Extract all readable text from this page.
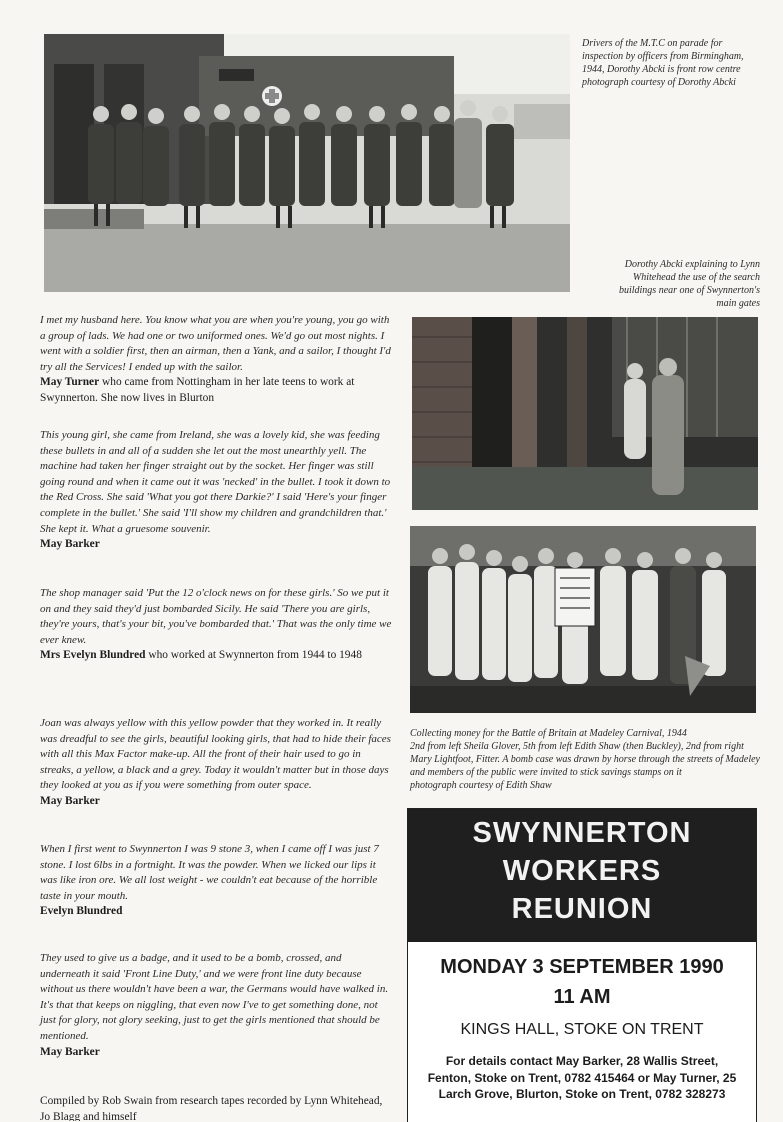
Drivers of the M.T.C on parade for inspection by officers from Birmingham, 1944, Dorothy Abcki is front row centre
photograph courtesy of Dorothy Abcki
Dorothy Abcki explaining to Lynn Whitehead the use of the search buildings near one of Swynnerton's main gates
Collecting money for the Battle of Britain at Madeley Carnival, 1944
2nd from left Sheila Glover, 5th from left Edith Shaw (then Buckley), 2nd from right Mary Lightfoot, Fitter. A bomb case was drawn by horse through the streets of Madeley and members of the public were invited to stick savings stamps on it
photograph courtesy of Edith Shaw

I met my husband here. You know what you are when you're young, you go with a group of lads. We had one or two uniformed ones. We'd go out most nights. I went with a soldier first, then an airman, then a Yank, and a sailor, I thought I'd try all the Services! I ended up with the sailor.

May Turner who came from Nottingham in her late teens to work at Swynnerton. She now lives in Blurton

This young girl, she came from Ireland, she was a lovely kid, she was feeding these bullets in and all of a sudden she let out the most unearthly yell. The machine had taken her finger straight out by the socket. Her finger was still going round and when it came out it was 'necked' in the bullet. I took it down to the Red Cross. She said 'What you got there Darkie?' I said 'Here's your finger complete in the bullet.' She said 'I'll show my children and grandchildren that.' She kept it. What a gruesome souvenir.

May Barker

The shop manager said 'Put the 12 o'clock news on for these girls.' So we put it on and they said they'd just bombarded Sicily. He said 'There you are girls, they're yours, that's your bit, you've bombarded that.' That was the only time we ever knew.

Mrs Evelyn Blundred who worked at Swynnerton from 1944 to 1948

Joan was always yellow with this yellow powder that they worked in. It really was dreadful to see the girls, beautiful looking girls, that had to hide their faces with all this Max Factor make-up. All the front of their hair used to go in streaks, a yellow, a black and a grey. Today it wouldn't matter but in those days they looked at you as if you were something from outer space.

May Barker

When I first went to Swynnerton I was 9 stone 3, when I came off I was just 7 stone. I lost 6lbs in a fortnight. It was the powder. When we licked our lips it was like iron ore. We all lost weight - we couldn't eat because of the horrible taste in your mouth.

Evelyn Blundred

They used to give us a badge, and it used to be a bomb, crossed, and underneath it said 'Front Line Duty,' and we were front line duty because without us there wouldn't have been a war, the Germans would have walked in. It's that that keeps on niggling, that even now I've to get something done, not just for glory, not glory seeking, just to get the girls mentioned that should be mentioned.

May Barker

Compiled by Rob Swain from research tapes recorded by Lynn Whitehead, Jo Blagg and himself
SWYNNERTON
WORKERS
REUNION
MONDAY 3 SEPTEMBER 1990
11 AM
KINGS HALL, STOKE ON TRENT
For details contact May Barker, 28 Wallis Street, Fenton, Stoke on Trent, 0782 415464 or May Turner, 25 Larch Grove, Blurton, Stoke on Trent, 0782 328273
